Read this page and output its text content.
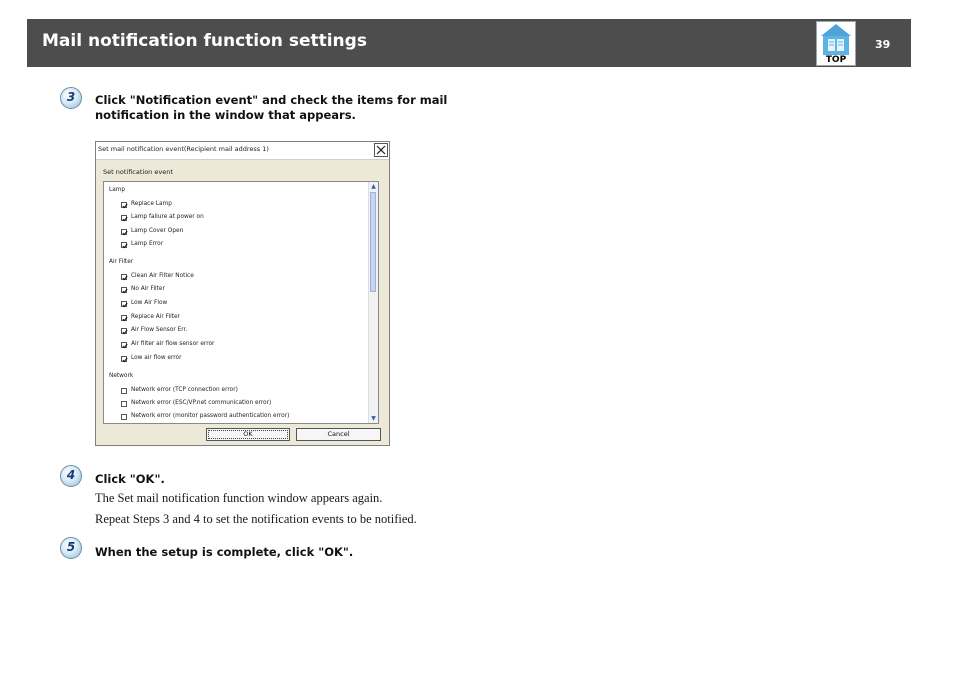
Mail notification function settings
TOP
39
3	Click "Notification event" and check the items for mail
notification in the window that appears.
Set mail notification event(Recipient mail address 1)
Set notification event
Lamp
Replace Lamp
Lamp failure at power on
Lamp Cover Open
Lamp Error
Air Filter
Clean Air Filter Notice
No Air Filter
Low Air Flow
Replace Air Filter
Air Flow Sensor Err.
Air filter air flow sensor error
Low air flow error
Network
Network error (TCP connection error)
Network error (ESC/VP.net communication error)
Network error (monitor password authentication error)
▲
▼
OK	Cancel
4	Click "OK".
The Set mail notification function window appears again.
Repeat Steps 3 and 4 to set the notification events to be notified.
5	When the setup is complete, click "OK".
